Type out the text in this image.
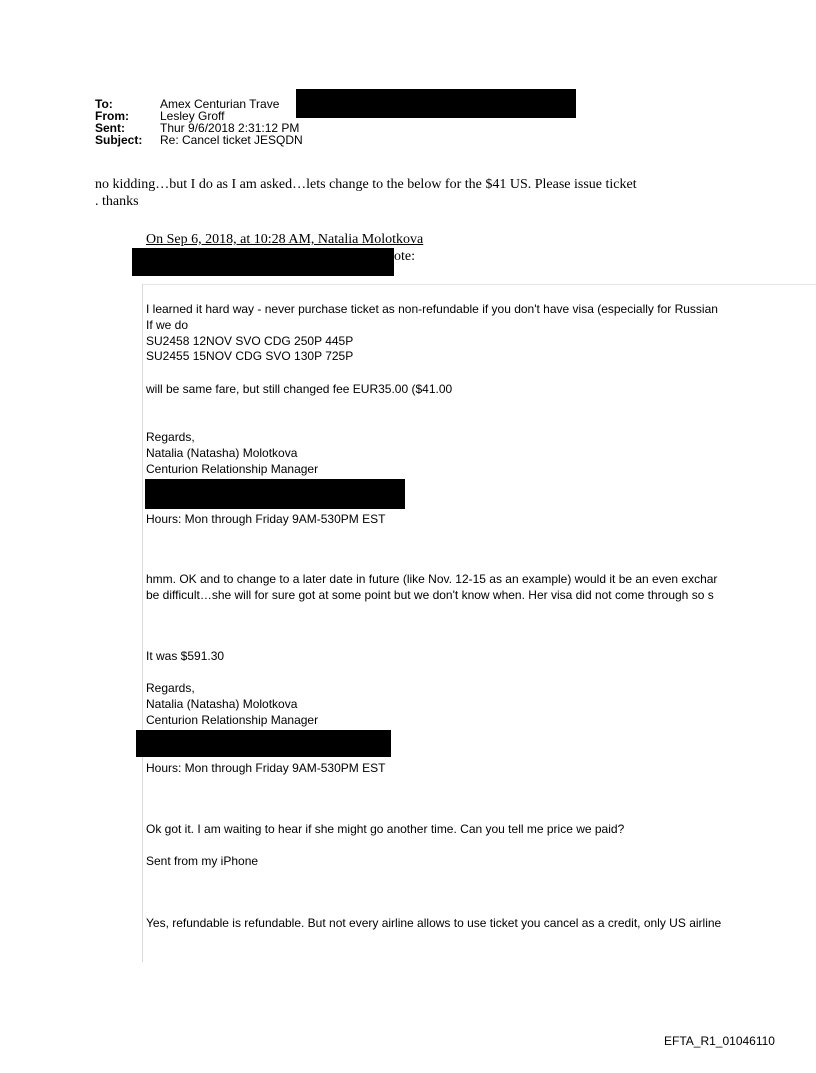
To:	Amex Centurian Trave
From:	Lesley Groff
Sent:	Thur 9/6/2018 2:31:12 PM
Subject: Re: Cancel ticket JESQDN
no kidding…but I do as I am asked…lets change to the below for the $41 US. Please issue ticket
. thanks
On Sep 6, 2018, at 10:28 AM, Natalia Molotkova
ote:
I learned it hard way - never purchase ticket as non-refundable if you don't have visa (especially for Russian
If we do
SU2458 12NOV SVO CDG 250P 445P
SU2455 15NOV CDG SVO 130P 725P
will be same fare, but still changed fee EUR35.00 ($41.00
Regards,
Natalia (Natasha) Molotkova
Centurion Relationship Manager
Hours: Mon through Friday 9AM-530PM EST
hmm. OK and to change to a later date in future (like Nov. 12-15 as an example) would it be an even exchar
be difficult…she will for sure got at some point but we don't know when. Her visa did not come through so s
It was $591.30
Regards,
Natalia (Natasha) Molotkova
Centurion Relationship Manager
Hours: Mon through Friday 9AM-530PM EST
Ok got it. I am waiting to hear if she might go another time. Can you tell me price we paid?
Sent from my iPhone
Yes, refundable is refundable. But not every airline allows to use ticket you cancel as a credit, only US airline
EFTA_R1_01046110
